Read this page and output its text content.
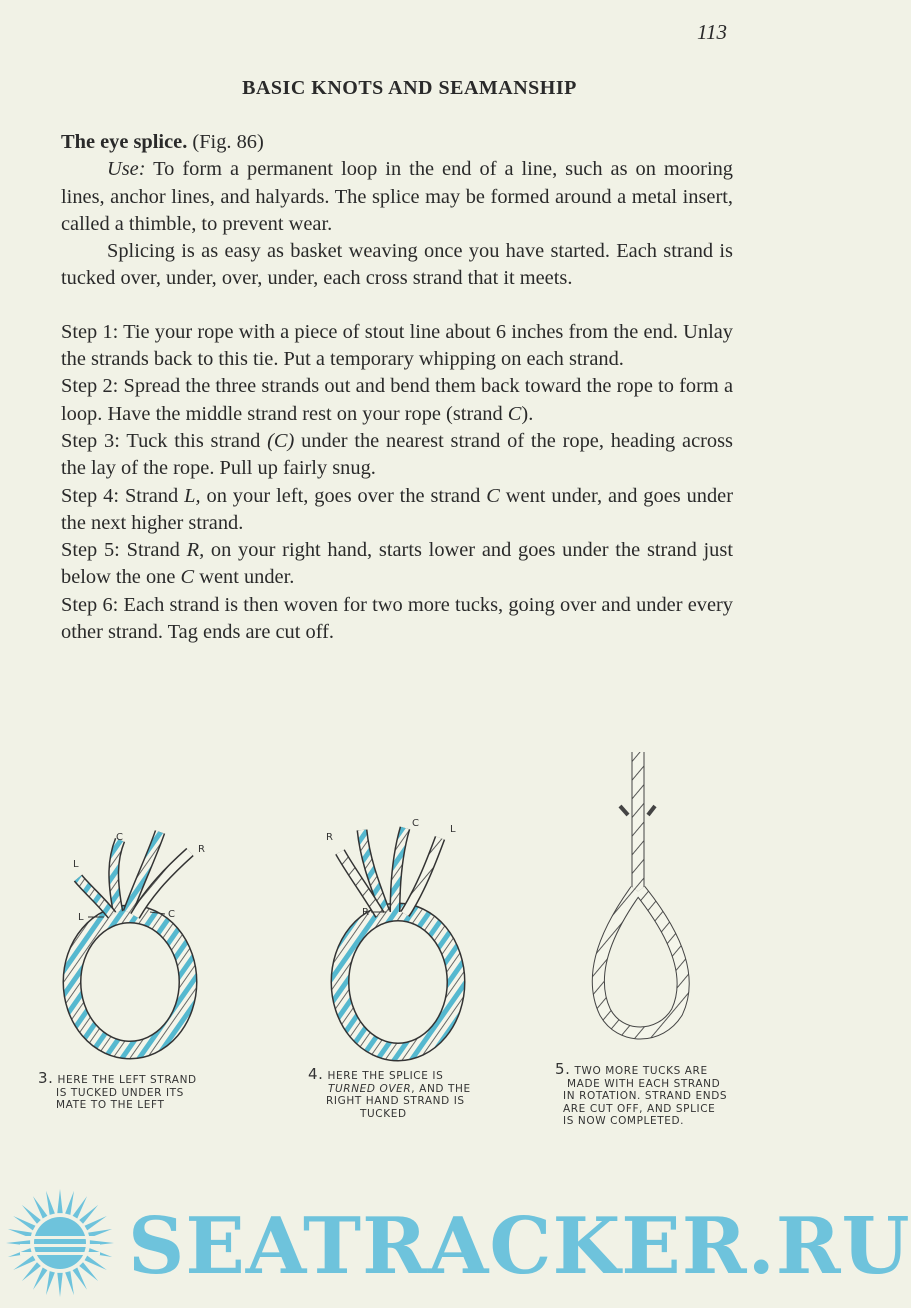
113
BASIC KNOTS AND SEAMANSHIP

The eye splice. (Fig. 86)

Use: To form a permanent loop in the end of a line, such as on mooring lines, anchor lines, and halyards. The splice may be formed around a metal insert, called a thimble, to prevent wear.

Splicing is as easy as basket weaving once you have started. Each strand is tucked over, under, over, under, each cross strand that it meets.

Step 1: Tie your rope with a piece of stout line about 6 inches from the end. Unlay the strands back to this tie. Put a temporary whipping on each strand.

Step 2: Spread the three strands out and bend them back toward the rope to form a loop. Have the middle strand rest on your rope (strand C).

Step 3: Tuck this strand (C) under the nearest strand of the rope, heading across the lay of the rope. Pull up fairly snug.

Step 4: Strand L, on your left, goes over the strand C went under, and goes under the next higher strand.

Step 5: Strand R, on your right hand, starts lower and goes under the strand just below the one C went under.

Step 6: Each strand is then woven for two more tucks, going over and under every other strand. Tag ends are cut off.

C
L
R
L	C
R
C
L
R
3. HERE THE LEFT STRAND
IS TUCKED UNDER ITS
MATE TO THE LEFT
4. HERE THE SPLICE IS
TURNED OVER, AND THE
RIGHT HAND STRAND IS
TUCKED
5. TWO MORE TUCKS ARE
MADE WITH EACH STRAND
IN ROTATION. STRAND ENDS
ARE CUT OFF, AND SPLICE
IS NOW COMPLETED.
SEATRACKER.RU
